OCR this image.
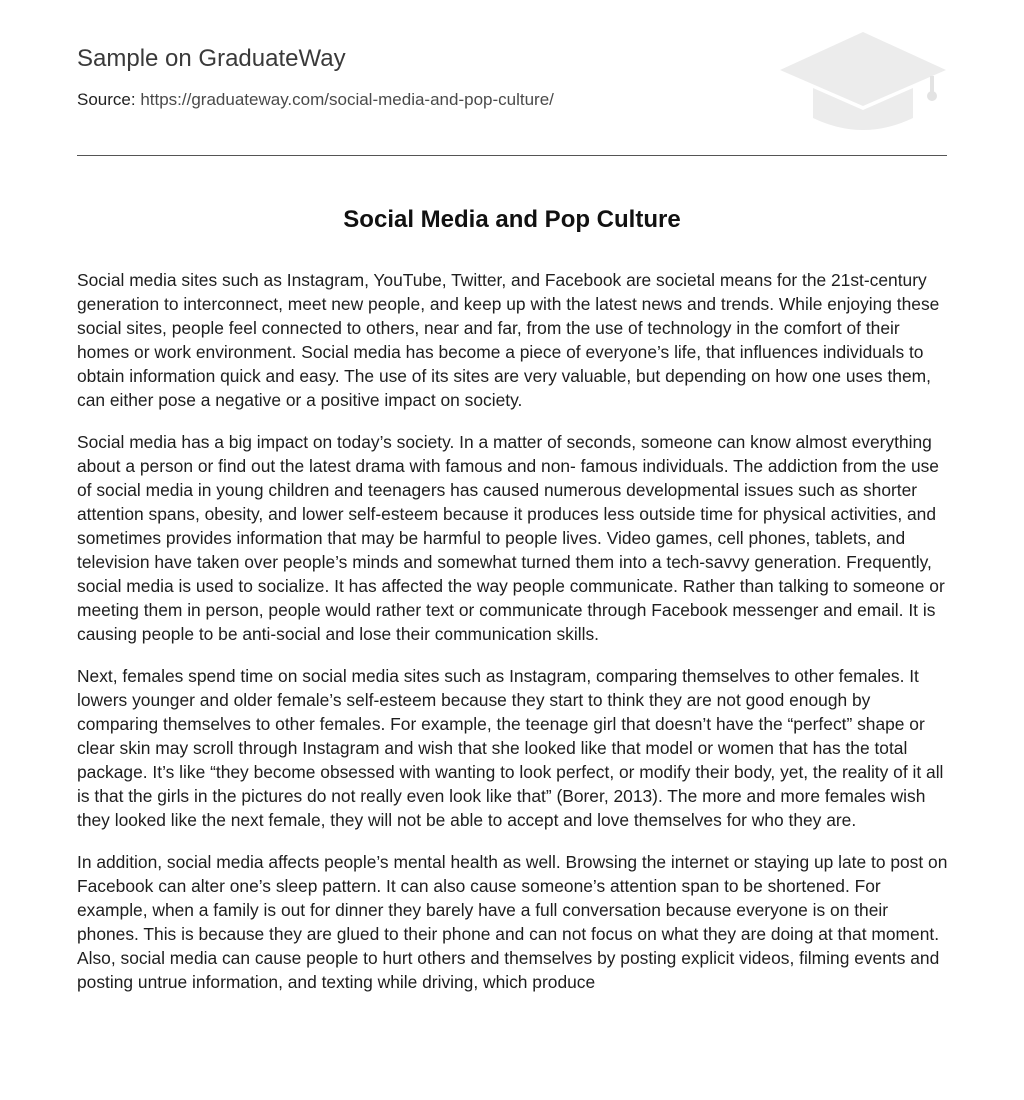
Sample on GraduateWay
Source: https://graduateway.com/social-media-and-pop-culture/
Social Media and Pop Culture

Social media sites such as Instagram, YouTube, Twitter, and Facebook are societal means for the 21st-century generation to interconnect, meet new people, and keep up with the latest news and trends. While enjoying these social sites, people feel connected to others, near and far, from the use of technology in the comfort of their homes or work environment. Social media has become a piece of everyone’s life, that influences individuals to obtain information quick and easy. The use of its sites are very valuable, but depending on how one uses them, can either pose a negative or a positive impact on society.

Social media has a big impact on today’s society. In a matter of seconds, someone can know almost everything about a person or find out the latest drama with famous and non- famous individuals. The addiction from the use of social media in young children and teenagers has caused numerous developmental issues such as shorter attention spans, obesity, and lower self-esteem because it produces less outside time for physical activities, and sometimes provides information that may be harmful to people lives. Video games, cell phones, tablets, and television have taken over people’s minds and somewhat turned them into a tech-savvy generation. Frequently, social media is used to socialize. It has affected the way people communicate. Rather than talking to someone or meeting them in person, people would rather text or communicate through Facebook messenger and email. It is causing people to be anti-social and lose their communication skills.

Next, females spend time on social media sites such as Instagram, comparing themselves to other females. It lowers younger and older female’s self-esteem because they start to think they are not good enough by comparing themselves to other females. For example, the teenage girl that doesn’t have the “perfect” shape or clear skin may scroll through Instagram and wish that she looked like that model or women that has the total package. It’s like “they become obsessed with wanting to look perfect, or modify their body, yet, the reality of it all is that the girls in the pictures do not really even look like that” (Borer, 2013). The more and more females wish they looked like the next female, they will not be able to accept and love themselves for who they are.

In addition, social media affects people’s mental health as well. Browsing the internet or staying up late to post on Facebook can alter one’s sleep pattern. It can also cause someone’s attention span to be shortened. For example, when a family is out for dinner they barely have a full conversation because everyone is on their phones. This is because they are glued to their phone and can not focus on what they are doing at that moment. Also, social media can cause people to hurt others and themselves by posting explicit videos, filming events and posting untrue information, and texting while driving, which produce
